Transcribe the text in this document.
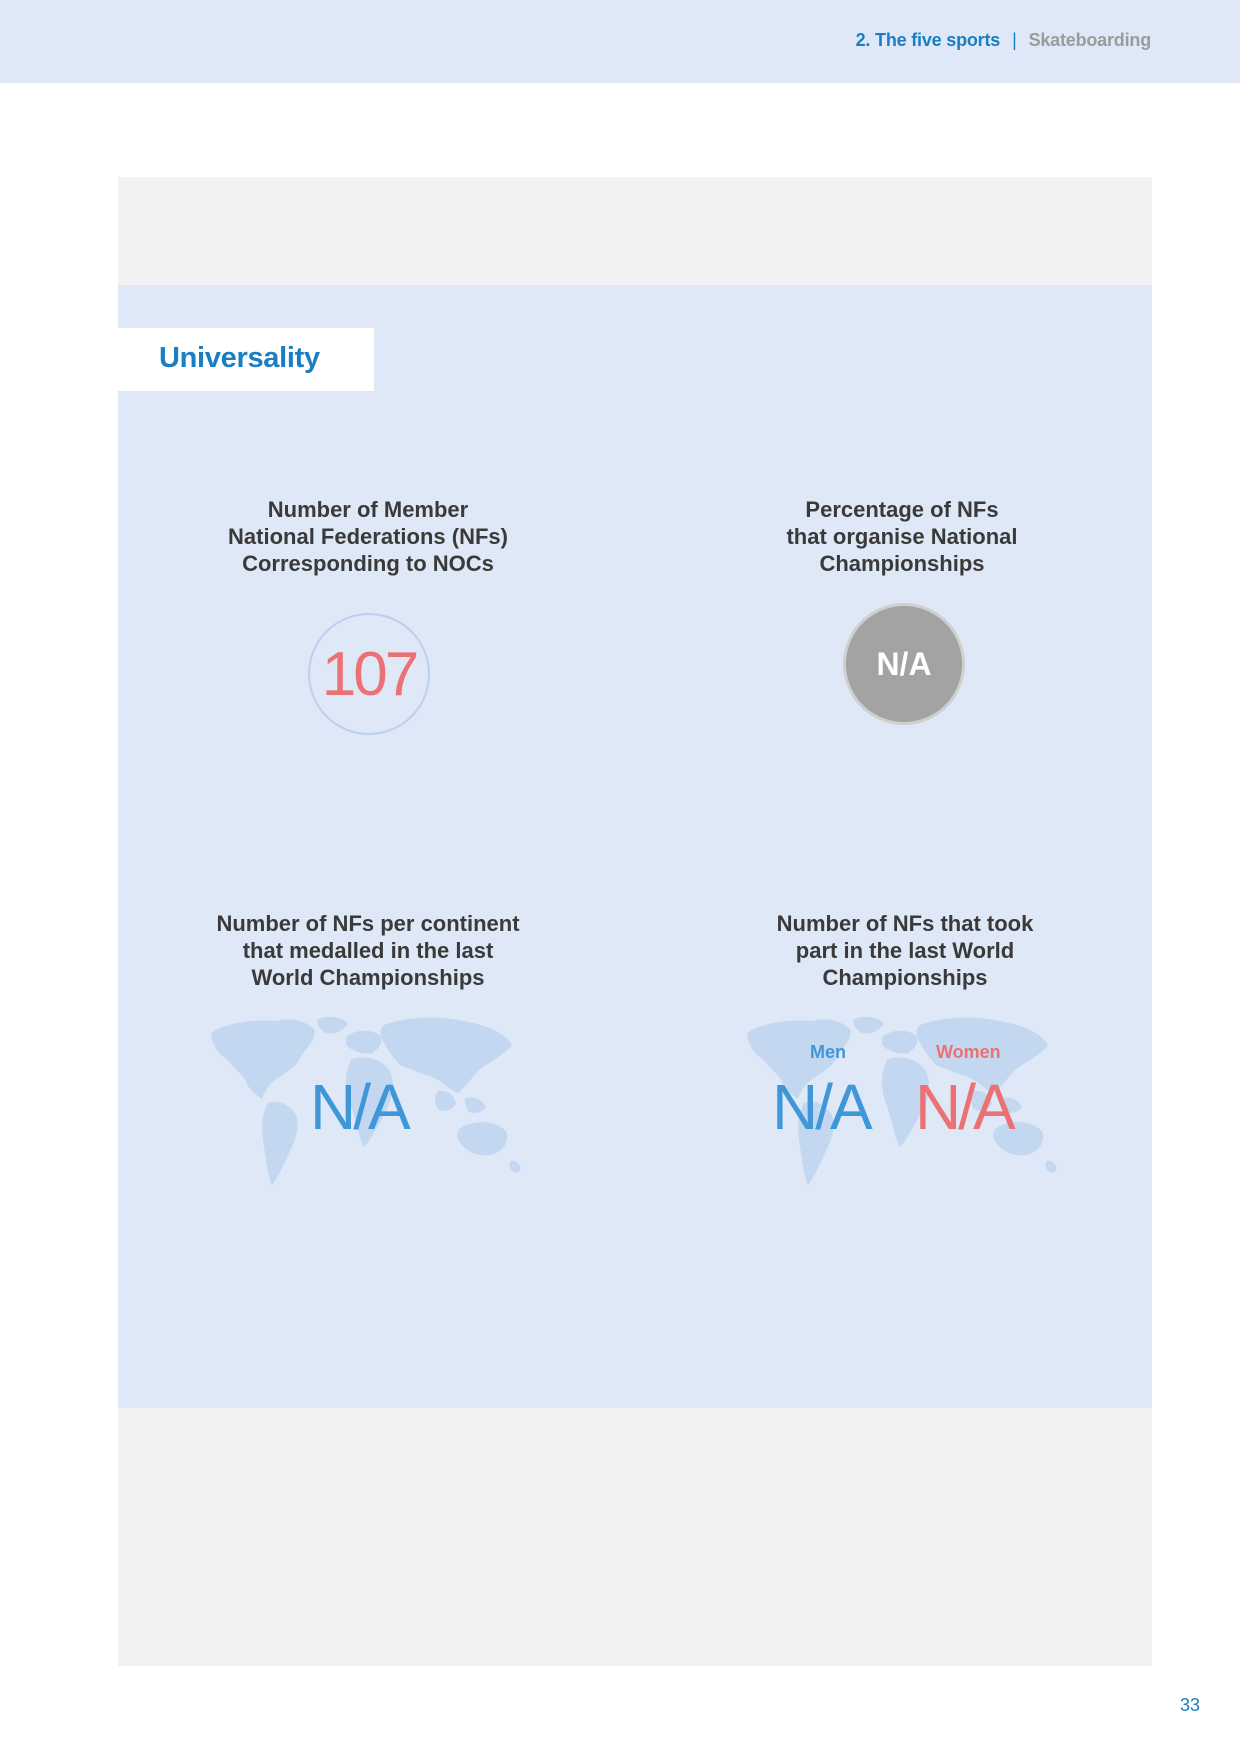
2. The five sports | Skateboarding
Universality
Number of Member
National Federations (NFs)
Corresponding to NOCs
107
Percentage of NFs
that organise National
Championships
N/A
Number of NFs per continent
that medalled in the last
World Championships
N/A
Number of NFs that took
part in the last World
Championships
Men	Women
N/A N/A
33
